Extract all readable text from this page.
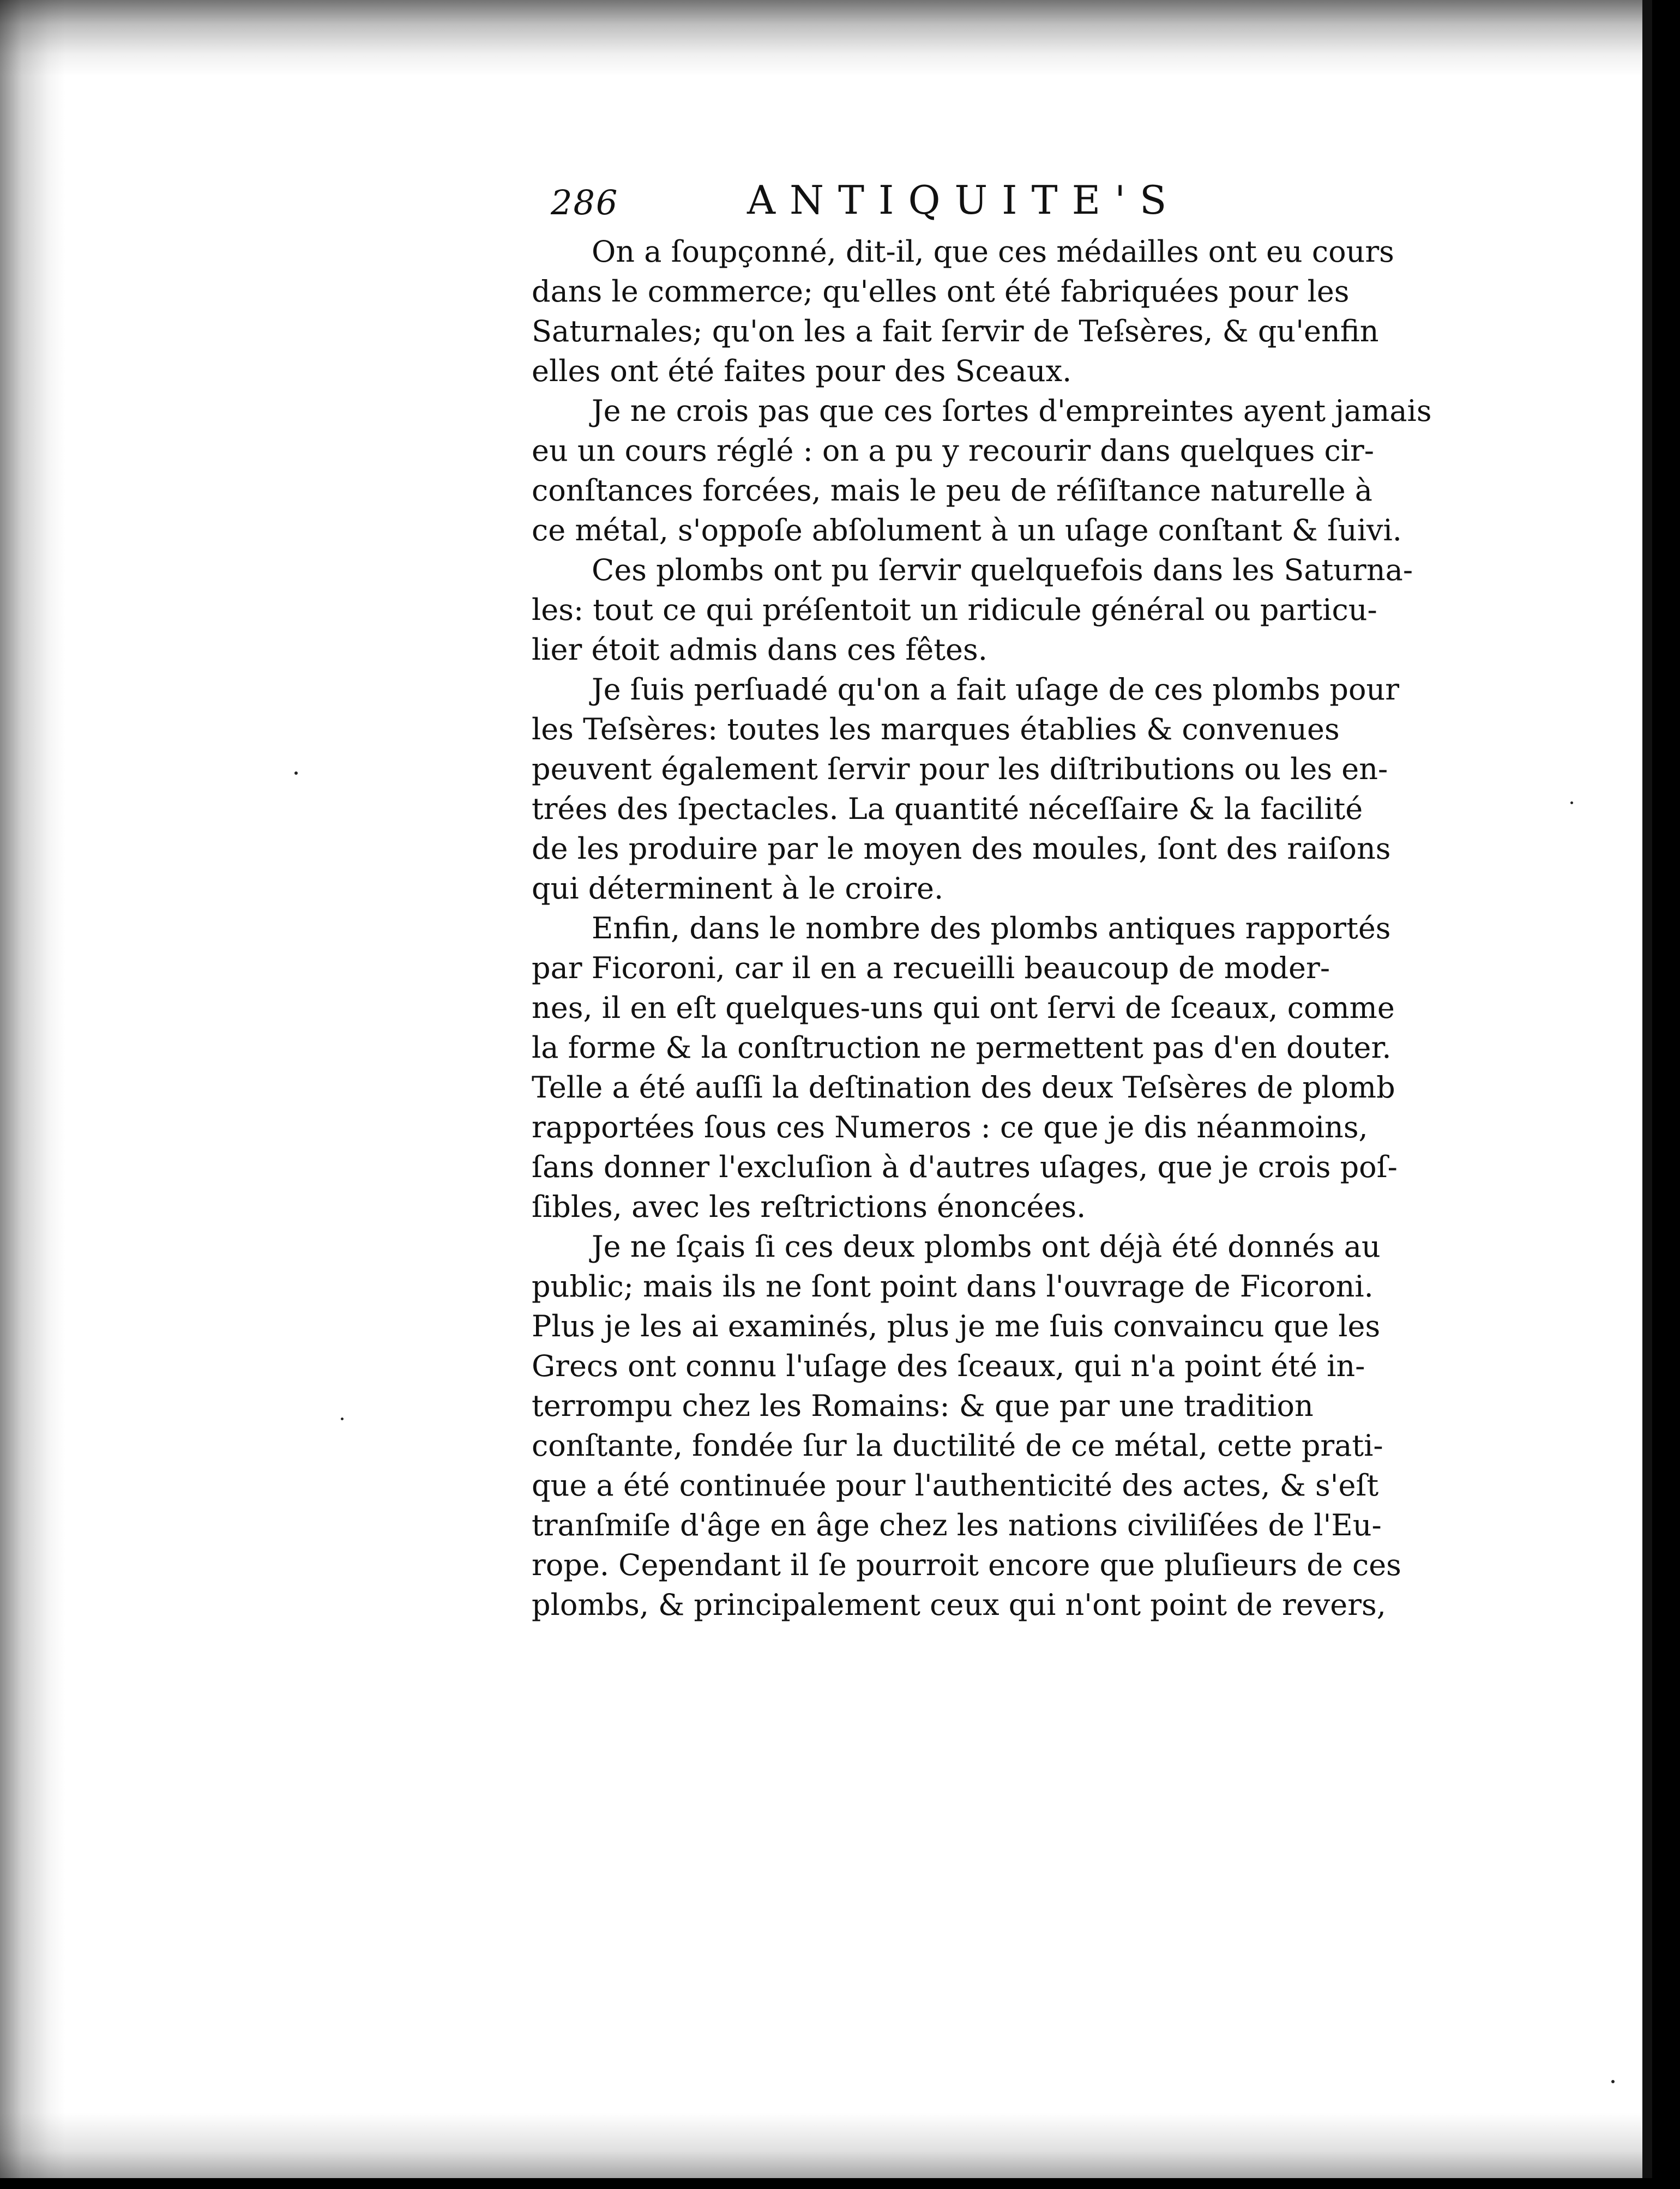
286	ANTIQUITE'S
On a ſoupçonné, dit-il, que ces médailles ont eu cours
dans le commerce; qu'elles ont été fabriquées pour les
Saturnales; qu'on les a fait ſervir de Teſsères, & qu'enfin
elles ont été faites pour des Sceaux.
Je ne crois pas que ces ſortes d'empreintes ayent jamais
eu un cours réglé : on a pu y recourir dans quelques cir-
conſtances forcées, mais le peu de réſiſtance naturelle à
ce métal, s'oppoſe abſolument à un uſage conſtant & ſuivi.
Ces plombs ont pu ſervir quelquefois dans les Saturna-
les: tout ce qui préſentoit un ridicule général ou particu-
lier étoit admis dans ces fêtes.
Je ſuis perſuadé qu'on a fait uſage de ces plombs pour
les Teſsères: toutes les marques établies & convenues
peuvent également ſervir pour les diſtributions ou les en-
trées des ſpectacles. La quantité néceſſaire & la facilité
de les produire par le moyen des moules, ſont des raiſons
qui déterminent à le croire.
Enfin, dans le nombre des plombs antiques rapportés
par Ficoroni, car il en a recueilli beaucoup de moder-
nes, il en eſt quelques-uns qui ont ſervi de ſceaux, comme
la forme & la conſtruction ne permettent pas d'en douter.
Telle a été auſſi la deſtination des deux Teſsères de plomb
rapportées ſous ces Numeros : ce que je dis néanmoins,
ſans donner l'excluſion à d'autres uſages, que je crois poſ-
ſibles, avec les reſtrictions énoncées.
Je ne ſçais ſi ces deux plombs ont déjà été donnés au
public; mais ils ne ſont point dans l'ouvrage de Ficoroni.
Plus je les ai examinés, plus je me ſuis convaincu que les
Grecs ont connu l'uſage des ſceaux, qui n'a point été in-
terrompu chez les Romains: & que par une tradition
conſtante, fondée ſur la ductilité de ce métal, cette prati-
que a été continuée pour l'authenticité des actes, & s'eſt
tranſmiſe d'âge en âge chez les nations civiliſées de l'Eu-
rope. Cependant il ſe pourroit encore que pluſieurs de ces
plombs, & principalement ceux qui n'ont point de revers,
